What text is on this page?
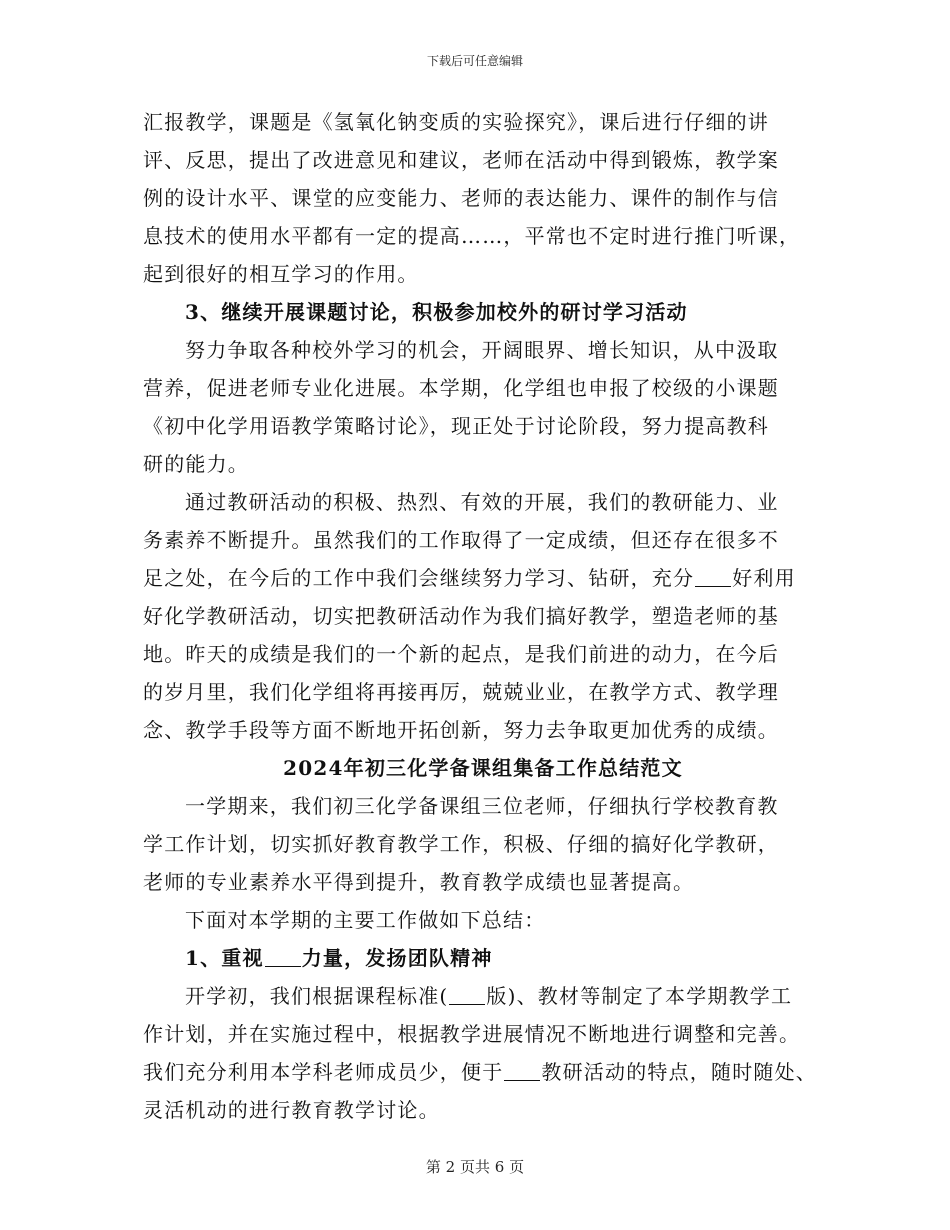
下载后可任意编辑
汇报教学，课题是《氢氧化钠变质的实验探究》，课后进行仔细的讲
评、反思，提出了改进意见和建议，老师在活动中得到锻炼，教学案
例的设计水平、课堂的应变能力、老师的表达能力、课件的制作与信
息技术的使用水平都有一定的提高……，平常也不定时进行推门听课，
起到很好的相互学习的作用。
3、继续开展课题讨论，积极参加校外的研讨学习活动
努力争取各种校外学习的机会，开阔眼界、增长知识，从中汲取
营养，促进老师专业化进展。本学期，化学组也申报了校级的小课题
《初中化学用语教学策略讨论》，现正处于讨论阶段，努力提高教科
研的能力。
通过教研活动的积极、热烈、有效的开展，我们的教研能力、业
务素养不断提升。虽然我们的工作取得了一定成绩，但还存在很多不
足之处，在今后的工作中我们会继续努力学习、钻研，充分 好利用
好化学教研活动，切实把教研活动作为我们搞好教学，塑造老师的基
地。昨天的成绩是我们的一个新的起点，是我们前进的动力，在今后
的岁月里，我们化学组将再接再厉，兢兢业业，在教学方式、教学理
念、教学手段等方面不断地开拓创新，努力去争取更加优秀的成绩。
2024年初三化学备课组集备工作总结范文
一学期来，我们初三化学备课组三位老师，仔细执行学校教育教
学工作计划，切实抓好教育教学工作，积极、仔细的搞好化学教研，
老师的专业素养水平得到提升，教育教学成绩也显著提高。
下面对本学期的主要工作做如下总结：
1、重视 力量，发扬团队精神
开学初，我们根据课程标准( 版)、教材等制定了本学期教学工
作计划，并在实施过程中，根据教学进展情况不断地进行调整和完善。
我们充分利用本学科老师成员少，便于 教研活动的特点，随时随处、
灵活机动的进行教育教学讨论。
第 2 页共 6 页
